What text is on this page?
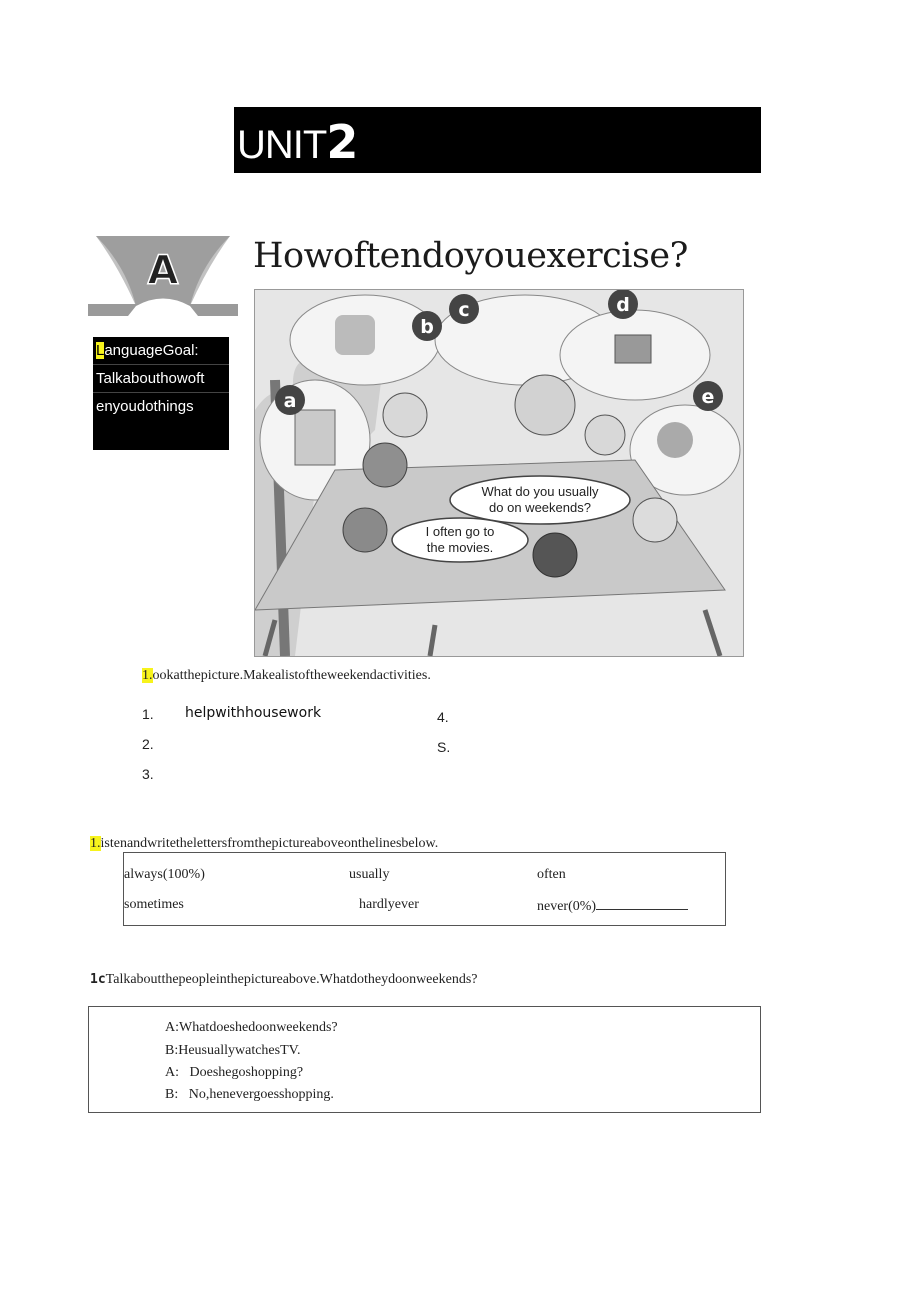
UNIT2
A Howoftendoyouexercise?
LanguageGoal:
Talkabouthowoft
enyoudothings
What do you usually
do on weekends?
I often go to
the movies.
a
b
c	d
e
1.ookatthepicture.Makealistoftheweekendactivities.
1. helpwithhousework
2.
3.
4.
S.
1.istenandwritethelettersfromthepictureaboveonthelinesbelow.
always(100%)	usually	often
sometimes	hardlyever	never(0%)
1cTalkaboutthepeopleinthepictureabove.Whatdotheydoonweekends?
A:Whatdoeshedoonweekends?
B:HeusuallywatchesTV.
A:   Doeshegoshopping?
B:   No,henevergoesshopping.
